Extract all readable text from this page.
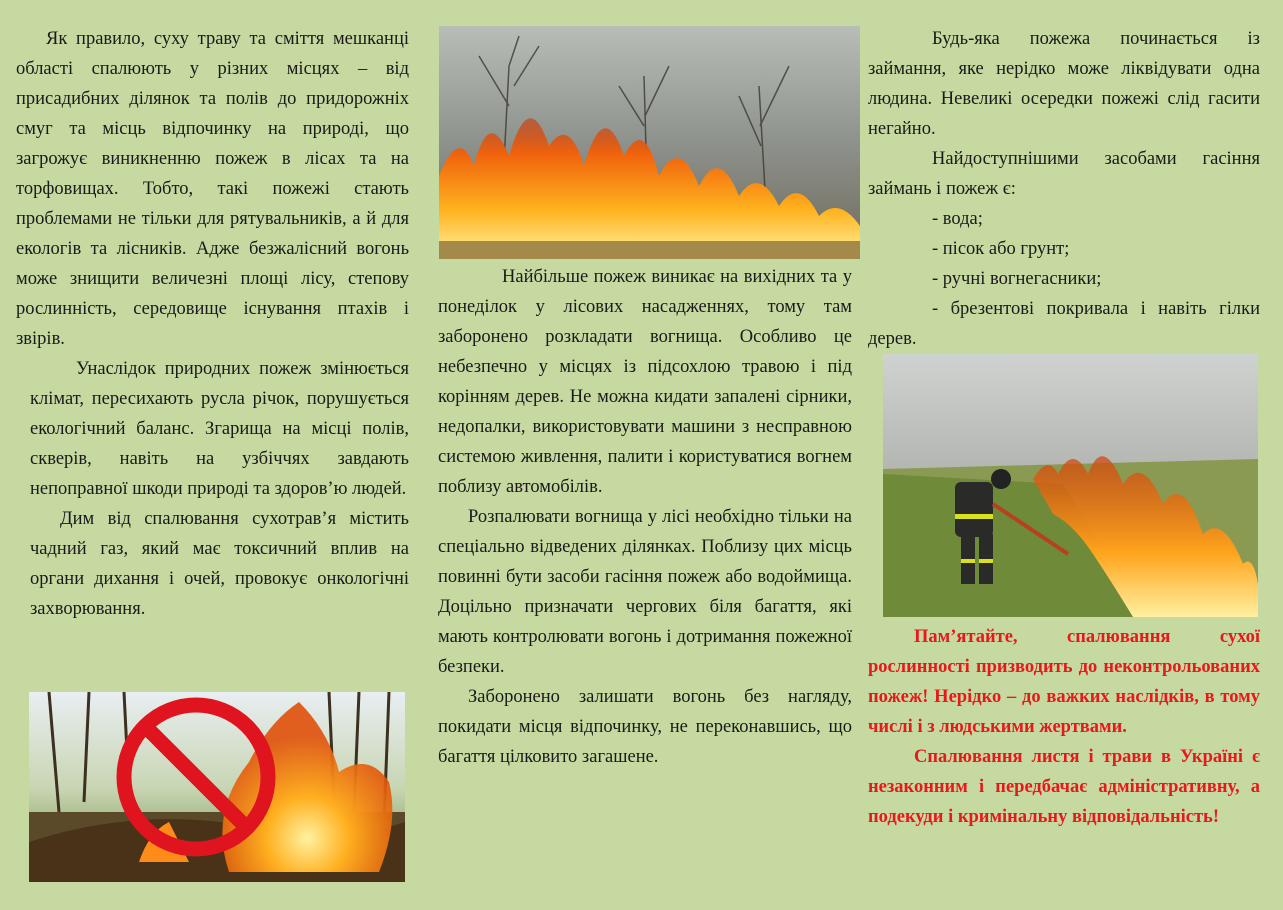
Як правило, суху траву та сміття мешканці області спалюють у різних місцях – від присадибних ділянок та полів до придорожніх смуг та місць відпочинку на природі, що загрожує виникненню пожеж в лісах та на торфовищах. Тобто, такі пожежі стають проблемами не тільки для рятувальників, а й для екологів та лісників. Адже безжалісний вогонь може знищити величезні площі лісу, степову рослинність, середовище існування птахів і звірів.

Унаслідок природних пожеж змінюється клімат, пересихають русла річок, порушується екологічний баланс. Згарища на місці полів, скверів, навіть на узбіччях завдають непоправної шкоди природі та здоров’ю людей.

Дим від спалювання сухотрав’я містить чадний газ, який має токсичний вплив на органи дихання і очей, провокує онкологічні захворювання.

Найбільше пожеж виникає на вихідних та у понеділок у лісових насадженнях, тому там заборонено розкладати вогнища. Особливо це небезпечно у місцях із підсохлою травою і під корінням дерев. Не можна кидати запалені сірники, недопалки, використовувати машини з несправною системою живлення, палити і користуватися вогнем поблизу автомобілів.

Розпалювати вогнища у лісі необхідно тільки на спеціально відведених ділянках. Поблизу цих місць повинні бути засоби гасіння пожеж або водоймища. Доцільно призначати чергових біля багаття, які мають контролювати вогонь і дотримання пожежної безпеки.

Заборонено залишати вогонь без нагляду, покидати місця відпочинку, не переконавшись, що багаття цілковито загашене.

Будь-яка пожежа починається із займання, яке нерідко може ліквідувати одна людина. Невеликі осередки пожежі слід гасити негайно.

Найдоступнішими засобами гасіння займань і пожеж є:

- вода;

- пісок або грунт;

- ручні вогнегасники;

- брезентові покривала і навіть гілки дерев.

Пам’ятайте, спалювання сухої рослинності призводить до неконтрольованих пожеж! Нерідко – до важких наслідків, в тому числі і з людськими жертвами.

Спалювання листя і трави в Україні є незаконним і передбачає адміністративну, а подекуди і кримінальну відповідальність!
